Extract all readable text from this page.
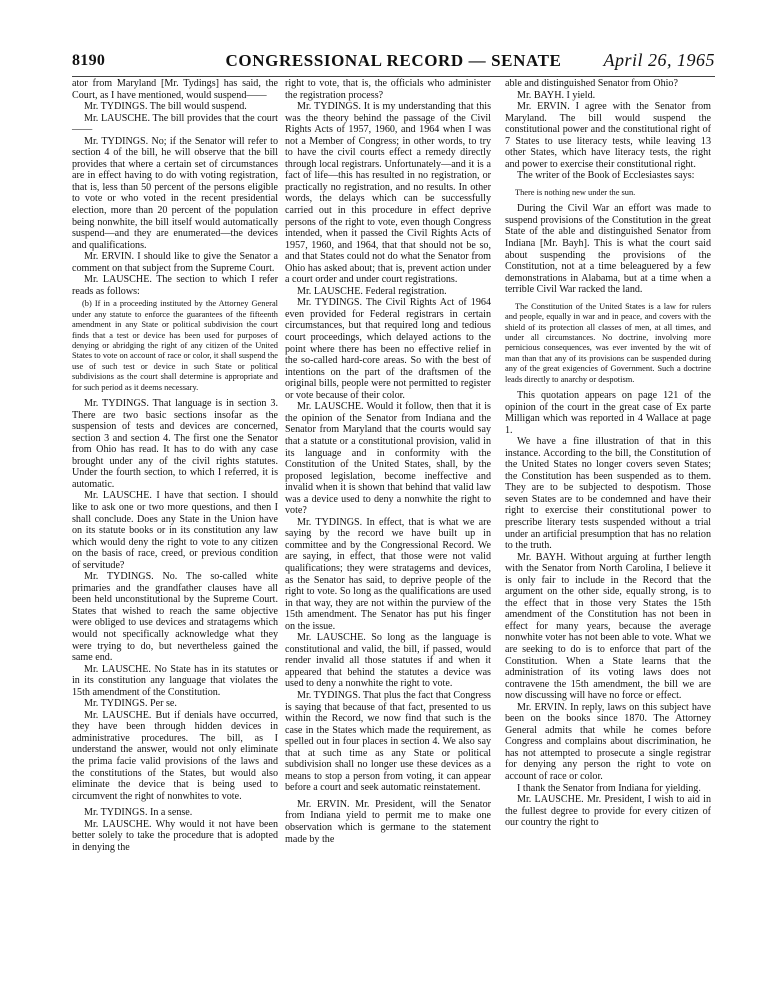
8190	CONGRESSIONAL RECORD — SENATE	April 26, 1965

ator from Maryland [Mr. Tydings] has said, the Court, as I have mentioned, would suspend——

Mr. TYDINGS. The bill would suspend.

Mr. LAUSCHE. The bill provides that the court——

Mr. TYDINGS. No; if the Senator will refer to section 4 of the bill, he will observe that the bill provides that where a certain set of circumstances are in effect having to do with voting registration, that is, less than 50 percent of the persons eligible to vote or who voted in the recent presidential election, more than 20 percent of the population being nonwhite, the bill itself would automatically suspend—and they are enumerated—the devices and qualifications.

Mr. ERVIN. I should like to give the Senator a comment on that subject from the Supreme Court.

Mr. LAUSCHE. The section to which I refer reads as follows:

(b) If in a proceeding instituted by the Attorney General under any statute to enforce the guarantees of the fifteenth amendment in any State or political subdivision the court finds that a test or device has been used for purposes of denying or abridging the right of any citizen of the United States to vote on account of race or color, it shall suspend the use of such test or device in such State or political subdivisions as the court shall determine is appropriate and for such period as it deems necessary.

Mr. TYDINGS. That language is in section 3. There are two basic sections insofar as the suspension of tests and devices are concerned, section 3 and section 4. The first one the Senator from Ohio has read. It has to do with any case brought under any of the civil rights statutes. Under the fourth section, to which I referred, it is automatic.

Mr. LAUSCHE. I have that section. I should like to ask one or two more questions, and then I shall conclude. Does any State in the Union have on its statute books or in its constitution any law which would deny the right to vote to any citizen on the basis of race, creed, or previous condition of servitude?

Mr. TYDINGS. No. The so-called white primaries and the grandfather clauses have all been held unconstitutional by the Supreme Court. States that wished to reach the same objective were obliged to use devices and stratagems which would not specifically acknowledge what they were trying to do, but nevertheless gained the same end.

Mr. LAUSCHE. No State has in its statutes or in its constitution any language that violates the 15th amendment of the Constitution.

Mr. TYDINGS. Per se.

Mr. LAUSCHE. But if denials have occurred, they have been through hidden devices in administrative procedures. The bill, as I understand the answer, would not only eliminate the prima facie valid provisions of the laws and the constitutions of the States, but would also eliminate the device that is being used to circumvent the right of nonwhites to vote.

Mr. TYDINGS. In a sense.

Mr. LAUSCHE. Why would it not have been better solely to take the procedure that is adopted in denying the

right to vote, that is, the officials who administer the registration process?

Mr. TYDINGS. It is my understanding that this was the theory behind the passage of the Civil Rights Acts of 1957, 1960, and 1964 when I was not a Member of Congress; in other words, to try to have the civil courts effect a remedy directly through local registrars. Unfortunately—and it is a fact of life—this has resulted in no registration, or practically no registration, and no results. In other words, the delays which can be successfully carried out in this procedure in effect deprive persons of the right to vote, even though Congress intended, when it passed the Civil Rights Acts of 1957, 1960, and 1964, that that should not be so, and that States could not do what the Senator from Ohio has asked about; that is, prevent action under a court order and under court registrations.

Mr. LAUSCHE. Federal registration.

Mr. TYDINGS. The Civil Rights Act of 1964 even provided for Federal registrars in certain circumstances, but that required long and tedious court proceedings, which delayed actions to the point where there has been no effective relief in the so-called hard-core areas. So with the best of intentions on the part of the draftsmen of the original bills, people were not permitted to register or vote because of their color.

Mr. LAUSCHE. Would it follow, then that it is the opinion of the Senator from Indiana and the Senator from Maryland that the courts would say that a statute or a constitutional provision, valid in its language and in conformity with the Constitution of the United States, shall, by the proposed legislation, become ineffective and invalid when it is shown that behind that valid law was a device used to deny a nonwhite the right to vote?

Mr. TYDINGS. In effect, that is what we are saying by the record we have built up in committee and by the Congressional Record. We are saying, in effect, that those were not valid qualifications; they were stratagems and devices, as the Senator has said, to deprive people of the right to vote. So long as the qualifications are used in that way, they are not within the purview of the 15th amendment. The Senator has put his finger on the issue.

Mr. LAUSCHE. So long as the language is constitutional and valid, the bill, if passed, would render invalid all those statutes if and when it appeared that behind the statutes a device was used to deny a nonwhite the right to vote.

Mr. TYDINGS. That plus the fact that Congress is saying that because of that fact, presented to us within the Record, we now find that such is the case in the States which made the requirement, as spelled out in four places in section 4. We also say that at such time as any State or political subdivision shall no longer use these devices as a means to stop a person from voting, it can appear before a court and seek automatic reinstatement.

Mr. ERVIN. Mr. President, will the Senator from Indiana yield to permit me to make one observation which is germane to the statement made by the

able and distinguished Senator from Ohio?

Mr. BAYH. I yield.

Mr. ERVIN. I agree with the Senator from Maryland. The bill would suspend the constitutional power and the constitutional right of 7 States to use literacy tests, while leaving 13 other States, which have literacy tests, the right and power to exercise their constitutional right.

The writer of the Book of Ecclesiastes says:

There is nothing new under the sun.

During the Civil War an effort was made to suspend provisions of the Constitution in the great State of the able and distinguished Senator from Indiana [Mr. Bayh]. This is what the court said about suspending the provisions of the Constitution, not at a time beleaguered by a few demonstrations in Alabama, but at a time when a terrible Civil War racked the land.

The Constitution of the United States is a law for rulers and people, equally in war and in peace, and covers with the shield of its protection all classes of men, at all times, and under all circumstances. No doctrine, involving more pernicious consequences, was ever invented by the wit of man than that any of its provisions can be suspended during any of the great exigencies of Government. Such a doctrine leads directly to anarchy or despotism.

This quotation appears on page 121 of the opinion of the court in the great case of Ex parte Milligan which was reported in 4 Wallace at page 1.

We have a fine illustration of that in this instance. According to the bill, the Constitution of the United States no longer covers seven States; the Constitution has been suspended as to them. They are to be subjected to despotism. Those seven States are to be condemned and have their right to exercise their constitutional power to prescribe literary tests suspended without a trial under an artificial presumption that has no relation to the truth.

Mr. BAYH. Without arguing at further length with the Senator from North Carolina, I believe it is only fair to include in the Record that the argument on the other side, equally strong, is to the effect that in those very States the 15th amendment of the Constitution has not been in effect for many years, because the average nonwhite voter has not been able to vote. What we are seeking to do is to enforce that part of the Constitution. When a State learns that the administration of its voting laws does not contravene the 15th amendment, the bill we are now discussing will have no force or effect.

Mr. ERVIN. In reply, laws on this subject have been on the books since 1870. The Attorney General admits that while he comes before Congress and complains about discrimination, he has not attempted to prosecute a single registrar for denying any person the right to vote on account of race or color.

I thank the Senator from Indiana for yielding.

Mr. LAUSCHE. Mr. President, I wish to aid in the fullest degree to provide for every citizen of our country the right to
